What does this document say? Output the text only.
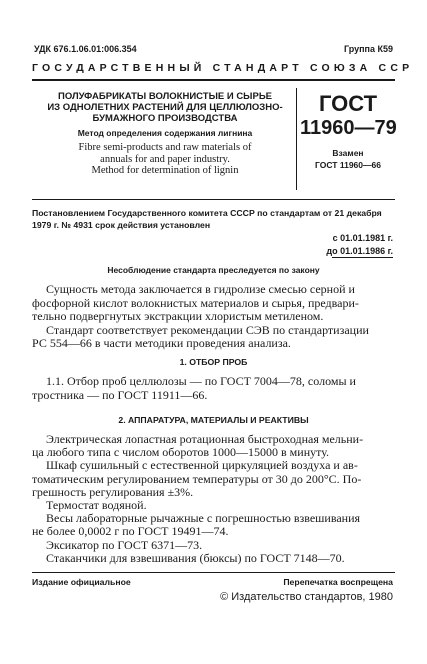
УДК 676.1.06.01:006.354	Группа К59
ГОСУДАРСТВЕННЫЙ СТАНДАРТ СОЮЗА ССР
ПОЛУФАБРИКАТЫ ВОЛОКНИСТЫЕ И СЫРЬЕ
ИЗ ОДНОЛЕТНИХ РАСТЕНИЙ ДЛЯ ЦЕЛЛЮЛОЗНО-
БУМАЖНОГО ПРОИЗВОДСТВА
Метод определения содержания лигнина
Fibre semi-products and raw materials of
annuals for and paper industry.
Method for determination of lignin
ГОСТ
11960—79
Взамен
ГОСТ 11960—66
Постановлением Государственного комитета СССР по стандартам от 21 декабря
1979 г. № 4931 срок действия установлен
с 01.01.1981 г.
до 01.01.1986 г.
Несоблюдение стандарта преследуется по закону
Сущность метода заключается в гидролизе смесью серной и
фосфорной кислот волокнистых материалов и сырья, предвари-
тельно подвергнутых экстракции хлористым метиленом.
Стандарт соответствует рекомендации СЭВ по стандартизации
РС 554—66 в части методики проведения анализа.
1. ОТБОР ПРОБ
1.1. Отбор проб целлюлозы — по ГОСТ 7004—78, соломы и
тростника — по ГОСТ 11911—66.
2. АППАРАТУРА, МАТЕРИАЛЫ И РЕАКТИВЫ
Электрическая лопастная ротационная быстроходная мельни-
ца любого типа с числом оборотов 1000—15000 в минуту.
Шкаф сушильный с естественной циркуляцией воздуха и ав-
томатическим регулированием температуры от 30 до 200°С. По-
грешность регулирования ±3%.
Термостат водяной.
Весы лабораторные рычажные с погрешностью взвешивания
не более 0,0002 г по ГОСТ 19491—74.
Эксикатор по ГОСТ 6371—73.
Стаканчики для взвешивания (бюксы) по ГОСТ 7148—70.
Издание официальное	Перепечатка воспрещена
© Издательство стандартов, 1980
